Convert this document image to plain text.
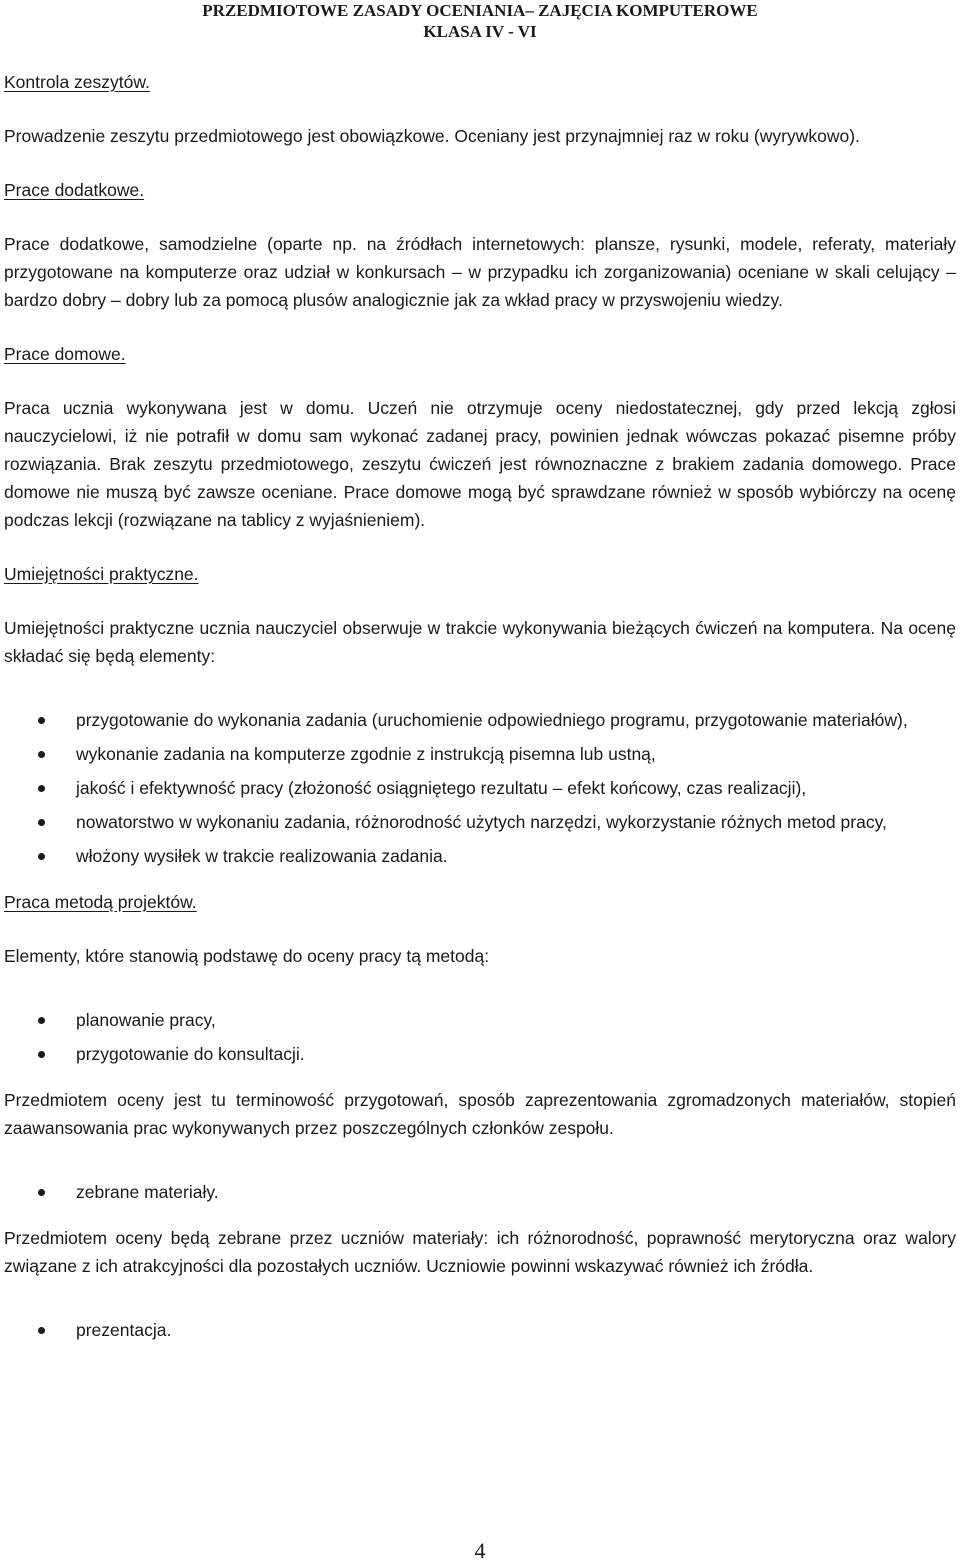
PRZEDMIOTOWE ZASADY OCENIANIA– ZAJĘCIA KOMPUTEROWE
KLASA IV - VI
Kontrola zeszytów.

Prowadzenie zeszytu przedmiotowego jest obowiązkowe. Oceniany jest przynajmniej raz w roku (wyrywkowo).

Prace dodatkowe.

Prace dodatkowe, samodzielne (oparte np. na źródłach internetowych: plansze, rysunki, modele, referaty, materiały przygotowane na komputerze oraz udział w konkursach – w przypadku ich zorganizowania) oceniane w skali celujący – bardzo dobry – dobry lub za pomocą plusów analogicznie jak za wkład pracy w przyswojeniu wiedzy.

Prace domowe.

Praca ucznia wykonywana jest w domu. Uczeń nie otrzymuje oceny niedostatecznej, gdy przed lekcją zgłosi nauczycielowi, iż nie potrafił w domu sam wykonać zadanej pracy, powinien jednak wówczas pokazać pisemne próby rozwiązania. Brak zeszytu przedmiotowego, zeszytu ćwiczeń jest równoznaczne z brakiem zadania domowego. Prace domowe nie muszą być zawsze oceniane. Prace domowe mogą być sprawdzane również w sposób wybiórczy na ocenę podczas lekcji (rozwiązane na tablicy z wyjaśnieniem).

Umiejętności praktyczne.

Umiejętności praktyczne ucznia nauczyciel obserwuje w trakcie wykonywania bieżących ćwiczeń na komputera. Na ocenę składać się będą elementy:

przygotowanie do wykonania zadania (uruchomienie odpowiedniego programu, przygotowanie materiałów),
wykonanie zadania na komputerze zgodnie z instrukcją pisemna lub ustną,
jakość i efektywność pracy (złożoność osiągniętego rezultatu – efekt końcowy, czas realizacji),
nowatorstwo w wykonaniu zadania, różnorodność użytych narzędzi, wykorzystanie różnych metod pracy,
włożony wysiłek w trakcie realizowania zadania.
Praca metodą projektów.

Elementy, które stanowią podstawę do oceny pracy tą metodą:

planowanie pracy,
przygotowanie do konsultacji.

Przedmiotem oceny jest tu terminowość przygotowań, sposób zaprezentowania zgromadzonych materiałów, stopień zaawansowania prac wykonywanych przez poszczególnych członków zespołu.

zebrane materiały.

Przedmiotem oceny będą zebrane przez uczniów materiały: ich różnorodność, poprawność merytoryczna oraz walory związane z ich atrakcyjności dla pozostałych uczniów. Uczniowie powinni wskazywać również ich źródła.

prezentacja.
4
